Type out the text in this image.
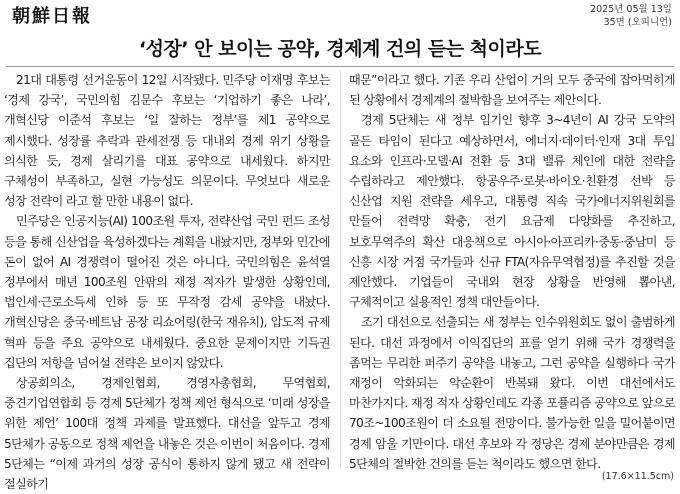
朝鮮日報	2025년 05월 13일
35면 (오피니언)
‘성장’ 안 보이는 공약, 경제계 건의 듣는 척이라도

21대 대통령 선거운동이 12일 시작됐다. 민주당 이재명 후보는 ‘경제 강국’, 국민의힘 김문수 후보는 ‘기업하기 좋은 나라’, 개혁신당 이준석 후보는 ‘일 잘하는 정부’를 제1 공약으로 제시했다. 성장률 추락과 관세전쟁 등 대내외 경제 위기 상황을 의식한 듯, 경제 살리기를 대표 공약으로 내세웠다. 하지만 구체성이 부족하고, 실현 가능성도 의문이다. 무엇보다 새로운 성장 전략이 라고 할 만한 내용이 없다.

민주당은 인공지능(AI) 100조원 투자, 전략산업 국민 펀드 조성 등을 통해 신산업을 육성하겠다는 계획을 내놨지만, 정부와 민간에 돈이 없어 AI 경쟁력이 떨어진 것은 아니다. 국민의힘은 윤석열 정부에서 매년 100조원 안팎의 재정 적자가 발생한 상황인데, 법인세·근로소득세 인하 등 또 무작정 감세 공약을 내놨다. 개혁신당은 중국·베트남 공장 리쇼어링(한국 재유치), 압도적 규제 혁파 등을 주요 공약으로 내세웠다. 중요한 문제이지만 기득권 집단의 저항을 넘어설 전략은 보이지 않았다.

상공회의소, 경제인협회, 경영자총협회, 무역협회, 중견기업연합회 등 경제 5단체가 정책 제언 형식으로 ‘미래 성장을 위한 제언’ 100대 정책 과제를 발표했다. 대선을 앞두고 경제 5단체가 공동으로 정책 제언을 내놓은 것은 이번이 처음이다. 경제 5단체는 “이제 과거의 성장 공식이 통하지 않게 됐고 새 전략이 절실하기

때문”이라고 했다. 기존 우리 산업이 거의 모두 중국에 잡아먹히게 된 상황에서 경제계의 절박함을 보여주는 제안이다.

경제 5단체는 새 정부 임기인 향후 3~4년이 AI 강국 도약의 골든 타임이 된다고 예상하면서, 에너지·데이터·인재 3대 투입 요소와 인프라·모델·AI 전환 등 3대 밸류 체인에 대한 전략을 수립하라고 제안했다. 항공우주·로봇·바이오·친환경 선박 등 신산업 지원 전략을 세우고, 대통령 직속 국가에너지위원회를 만들어 전력망 확충, 전기 요금제 다양화를 추진하고, 보호무역주의 확산 대응책으로 아시아·아프리카·중동·중남미 등 신흥 시장 거점 국가들과 신규 FTA(자유무역협정)를 추진할 것을 제안했다. 기업들이 국내외 현장 상황을 반영해 뽑아낸, 구체적이고 실용적인 정책 대안들이다.

조기 대선으로 선출되는 새 정부는 인수위원회도 없이 출범하게 된다. 대선 과정에서 이익집단의 표를 얻기 위해 국가 경쟁력을 좀먹는 무리한 퍼주기 공약을 내놓고, 그런 공약을 실행하다 국가 재정이 악화되는 악순환이 반복돼 왔다. 이번 대선에서도 마찬가지다. 재정 적자 상황인데도 각종 포퓰리즘 공약으로 앞으로 70조~100조원이 더 소요될 전망이다. 불가능한 일을 밀어붙이면 경제 암울 기만이다. 대선 후보와 각 정당은 경제 분야만큼은 경제 5단체의 절박한 건의를 듣는 척이라도 했으면 한다.

(17.6×11.5cm)
